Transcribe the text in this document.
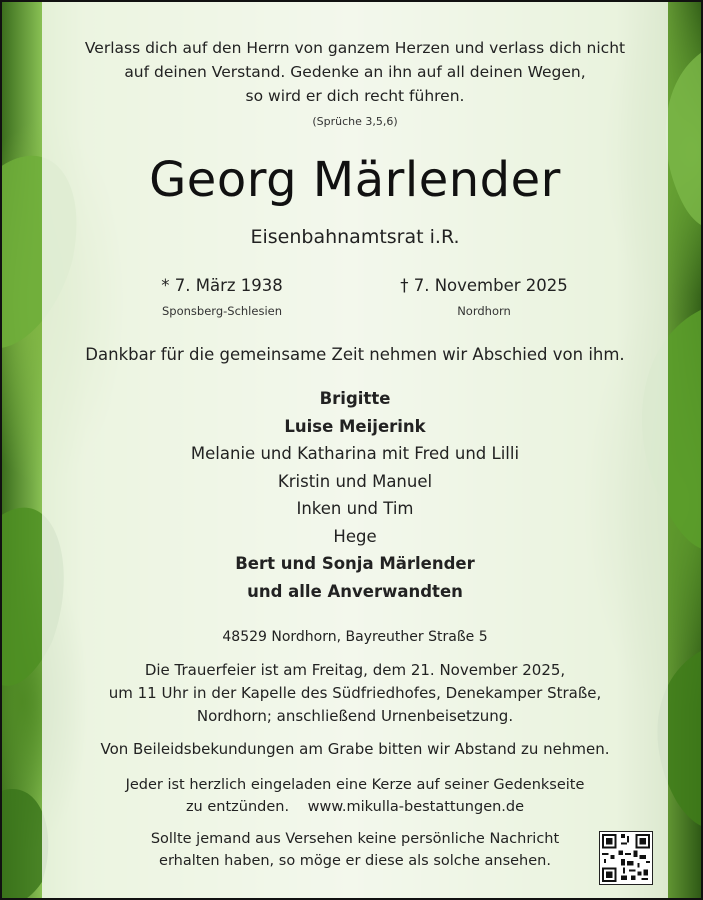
Verlass dich auf den Herrn von ganzem Herzen und verlass dich nicht
auf deinen Verstand. Gedenke an ihn auf all deinen Wegen,
so wird er dich recht führen.
(Sprüche 3,5,6)
Georg Märlender
Eisenbahnamtsrat i.R.
* 7. März 1938	† 7. November 2025
Sponsberg-Schlesien	Nordhorn
Dankbar für die gemeinsame Zeit nehmen wir Abschied von ihm.
Brigitte
Luise Meijerink
Melanie und Katharina mit Fred und Lilli
Kristin und Manuel
Inken und Tim
Hege
Bert und Sonja Märlender
und alle Anverwandten
48529 Nordhorn, Bayreuther Straße 5
Die Trauerfeier ist am Freitag, dem 21. November 2025,
um 11 Uhr in der Kapelle des Südfriedhofes, Denekamper Straße,
Nordhorn; anschließend Urnenbeisetzung.
Von Beileidsbekundungen am Grabe bitten wir Abstand zu nehmen.
Jeder ist herzlich eingeladen eine Kerze auf seiner Gedenkseite
zu entzünden. www.mikulla-bestattungen.de
Sollte jemand aus Versehen keine persönliche Nachricht
erhalten haben, so möge er diese als solche ansehen.
